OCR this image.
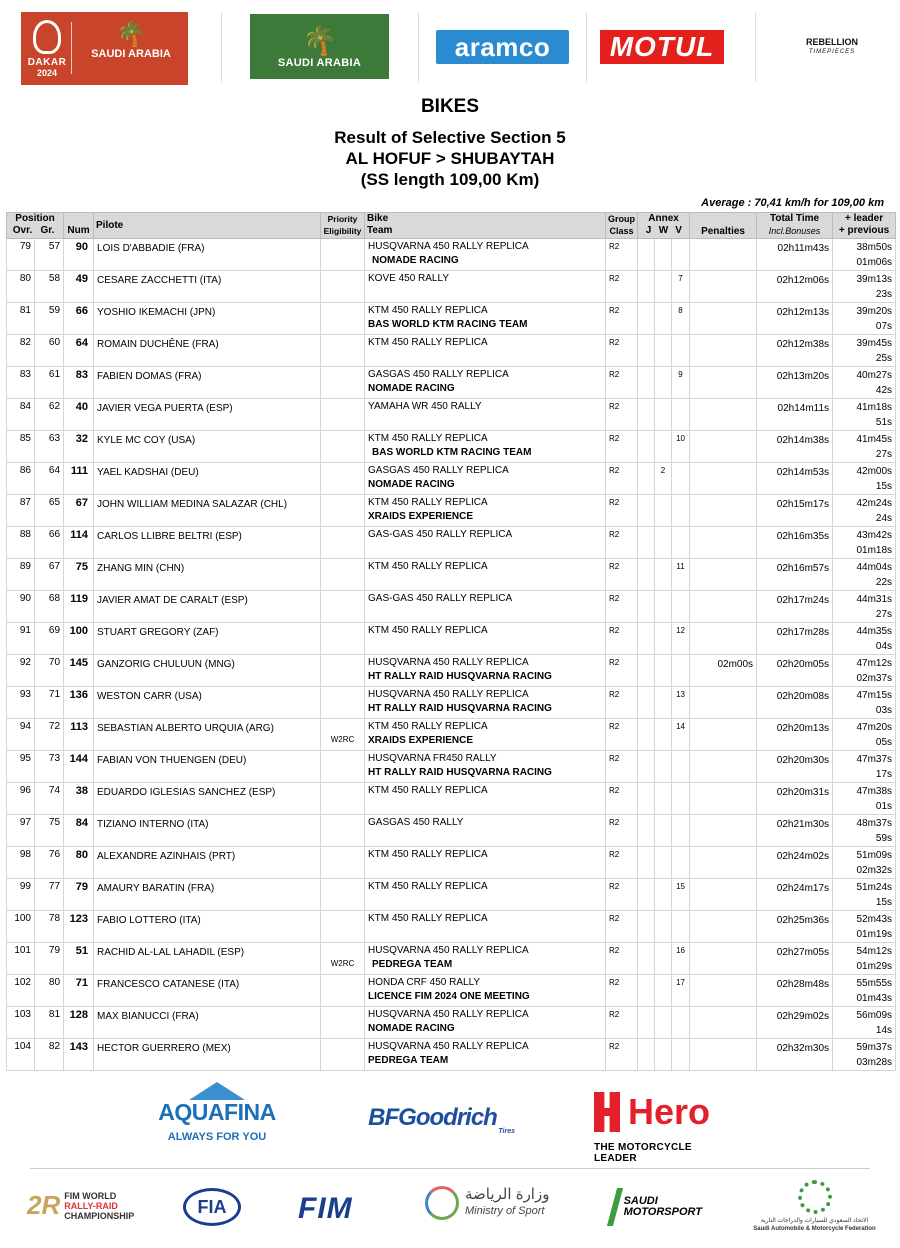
DAKAR
2024
🌴
SAUDI ARABIA	🌴
SAUDI ARABIA
aramco	MOTUL	REBELLION
TIMEPIECES
BIKES
Result of Selective Section 5
AL HOFUF > SHUBAYTAH
(SS length 109,00 Km)
Average : 70,41 km/h for 109,00 km
Position
Ovr. Gr.		Num	Pilote	Priority
Eligibility	Bike
Team	Group
Class	Annex
J W V			Penalties	Total Time
Incl.Bonuses	+ leader
+ previous
79	57	90	LOIS D'ABBADIE (FRA)		HUSQVARNA 450 RALLY REPLICA
NOMADE RACING	R2					02h11m43s	38m50s
01m06s

80	58	49	CESARE ZACCHETTI (ITA)		KOVE 450 RALLY	R2			7		02h12m06s	39m13s
23s

81	59	66	YOSHIO IKEMACHI (JPN)		KTM 450 RALLY REPLICA
BAS WORLD KTM RACING TEAM	R2			8		02h12m13s	39m20s
07s

82	60	64	ROMAIN DUCHÊNE (FRA)		KTM 450 RALLY REPLICA	R2					02h12m38s	39m45s
25s

83	61	83	FABIEN DOMAS (FRA)		GASGAS 450 RALLY REPLICA
NOMADE RACING	R2			9		02h13m20s	40m27s
42s

84	62	40	JAVIER VEGA PUERTA (ESP)		YAMAHA WR 450 RALLY	R2					02h14m11s	41m18s
51s

85	63	32	KYLE MC COY (USA)		KTM 450 RALLY REPLICA
BAS WORLD KTM RACING TEAM	R2			10		02h14m38s	41m45s
27s

86	64	111	YAEL KADSHAI (DEU)		GASGAS 450 RALLY REPLICA
NOMADE RACING	R2		2			02h14m53s	42m00s
15s

87	65	67	JOHN WILLIAM MEDINA SALAZAR (CHL)		KTM 450 RALLY REPLICA
XRAIDS EXPERIENCE	R2					02h15m17s	42m24s
24s

88	66	114	CARLOS LLIBRE BELTRI (ESP)		GAS-GAS 450 RALLY REPLICA	R2					02h16m35s	43m42s
01m18s

89	67	75	ZHANG MIN (CHN)		KTM 450 RALLY REPLICA	R2			11		02h16m57s	44m04s
22s

90	68	119	JAVIER AMAT DE CARALT (ESP)		GAS-GAS 450 RALLY REPLICA	R2					02h17m24s	44m31s
27s

91	69	100	STUART GREGORY (ZAF)		KTM 450 RALLY REPLICA	R2			12		02h17m28s	44m35s
04s

92	70	145	GANZORIG CHULUUN (MNG)		HUSQVARNA 450 RALLY REPLICA
HT RALLY RAID HUSQVARNA RACING	R2				02m00s	02h20m05s	47m12s
02m37s

93	71	136	WESTON CARR (USA)		HUSQVARNA 450 RALLY REPLICA
HT RALLY RAID HUSQVARNA RACING	R2			13		02h20m08s	47m15s
03s

94	72	113	SEBASTIAN ALBERTO URQUIA (ARG)	W2RC	KTM 450 RALLY REPLICA
XRAIDS EXPERIENCE	R2			14		02h20m13s	47m20s
05s

95	73	144	FABIAN VON THUENGEN (DEU)		HUSQVARNA FR450 RALLY
HT RALLY RAID HUSQVARNA RACING	R2					02h20m30s	47m37s
17s

96	74	38	EDUARDO IGLESIAS SANCHEZ (ESP)		KTM 450 RALLY REPLICA	R2					02h20m31s	47m38s
01s

97	75	84	TIZIANO INTERNO (ITA)		GASGAS 450 RALLY	R2					02h21m30s	48m37s
59s

98	76	80	ALEXANDRE AZINHAIS (PRT)		KTM 450 RALLY REPLICA	R2					02h24m02s	51m09s
02m32s

99	77	79	AMAURY BARATIN (FRA)		KTM 450 RALLY REPLICA	R2			15		02h24m17s	51m24s
15s

100	78	123	FABIO LOTTERO (ITA)		KTM 450 RALLY REPLICA	R2					02h25m36s	52m43s
01m19s

101	79	51	RACHID AL-LAL LAHADIL (ESP)	W2RC	HUSQVARNA 450 RALLY REPLICA
PEDREGA TEAM	R2			16		02h27m05s	54m12s
01m29s

102	80	71	FRANCESCO CATANESE (ITA)		HONDA CRF 450 RALLY
LICENCE FIM 2024 ONE MEETING	R2			17		02h28m48s	55m55s
01m43s

103	81	128	MAX BIANUCCI (FRA)		HUSQVARNA 450 RALLY REPLICA
NOMADE RACING	R2					02h29m02s	56m09s
14s

104	82	143	HECTOR GUERRERO (MEX)		HUSQVARNA 450 RALLY REPLICA
PEDREGA TEAM	R2					02h32m30s	59m37s
03m28s
AQUAFINA
ALWAYS FOR YOU
BFGoodrich
Tires	Hero
THE MOTORCYCLE LEADER
2R FIM WORLD
RALLY-RAID
CHAMPIONSHIP	FIA	FIM	وزارة الرياضة
Ministry of Sport
SAUDI
MOTORSPORT
الاتحاد السعودي للسيارات والدراجات النارية
Saudi Automobile & Motorcycle Federation
